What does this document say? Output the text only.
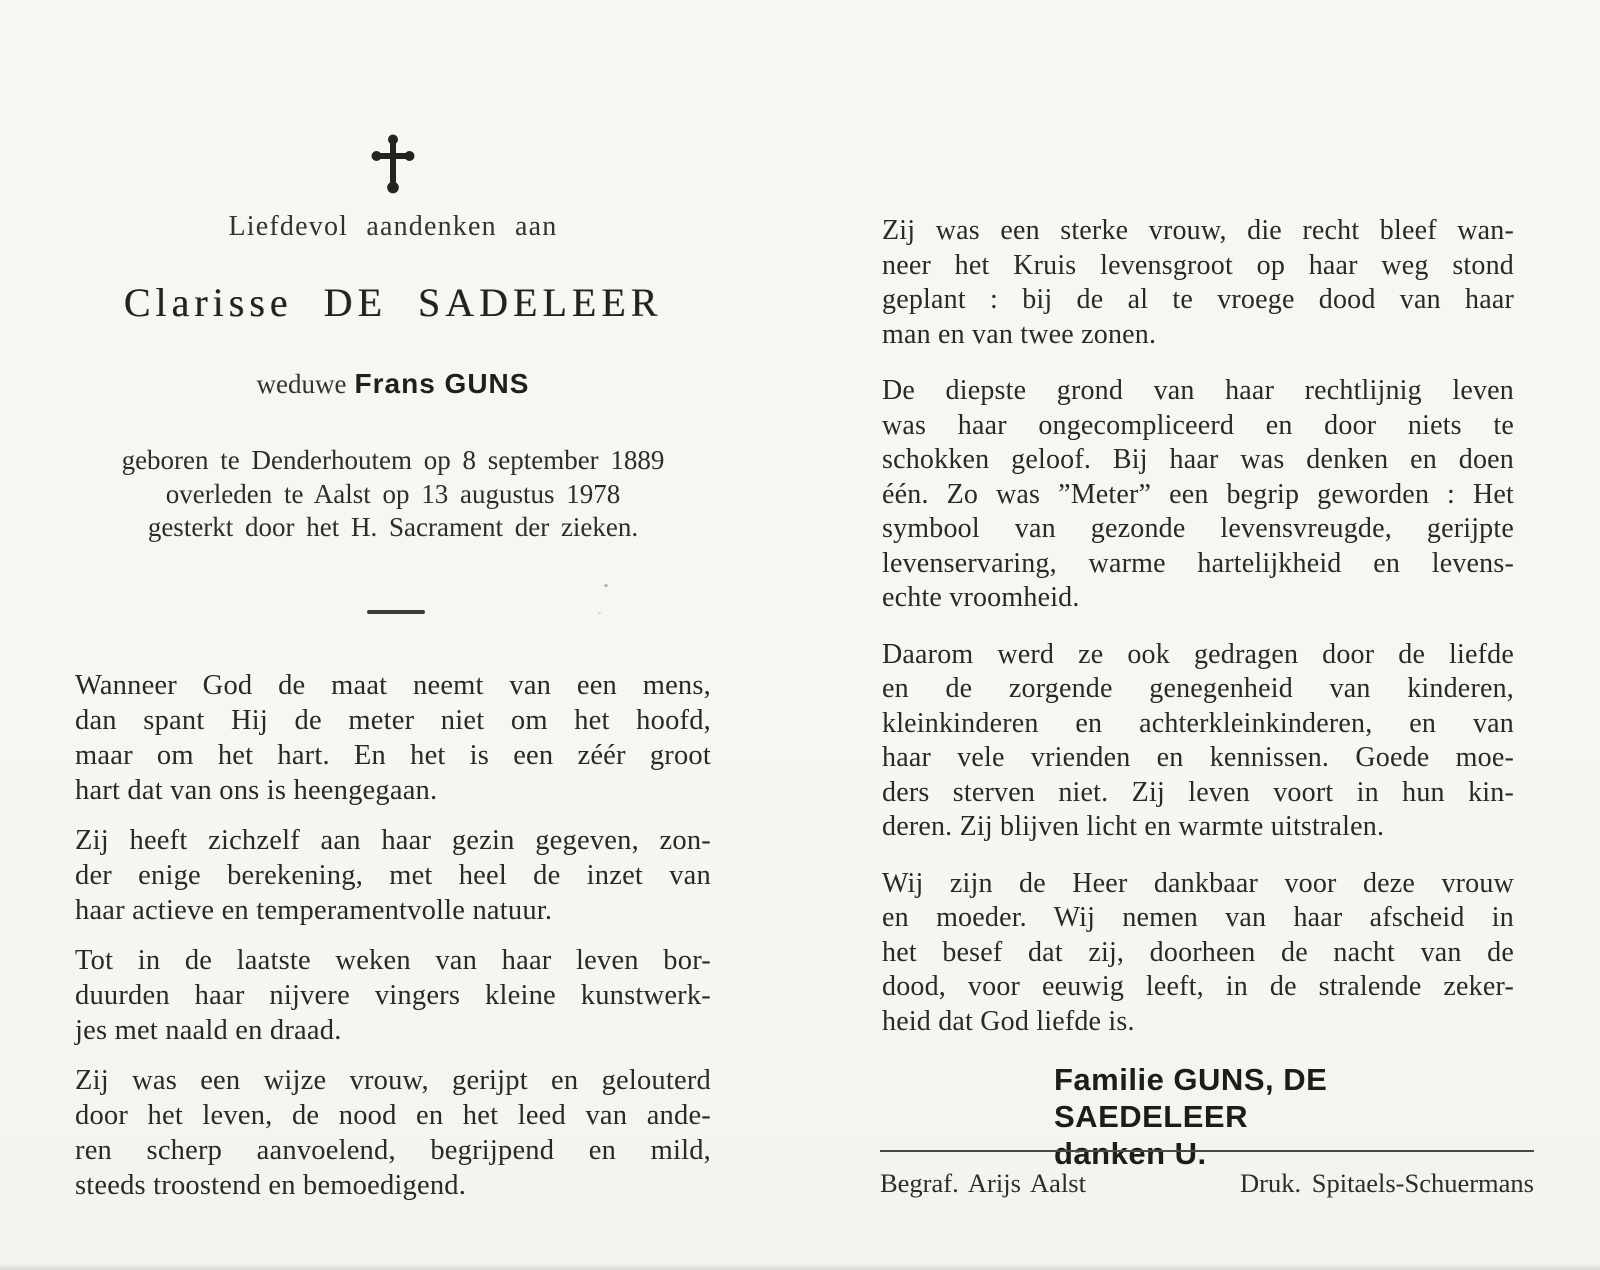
Liefdevol aandenken aan
Clarisse DE SADELEER
weduwe Frans GUNS
geboren te Denderhoutem op 8 september 1889
overleden te Aalst op 13 augustus 1978
gesterkt door het H. Sacrament der zieken.
Wanneer God de maat neemt van een mens,
dan spant Hij de meter niet om het hoofd,
maar om het hart. En het is een zéér groot
hart dat van ons is heengegaan.
Zij heeft zichzelf aan haar gezin gegeven, zon-
der enige berekening, met heel de inzet van
haar actieve en temperamentvolle natuur.
Tot in de laatste weken van haar leven bor-
duurden haar nijvere vingers kleine kunstwerk-
jes met naald en draad.
Zij was een wijze vrouw, gerijpt en gelouterd
door het leven, de nood en het leed van ande-
ren scherp aanvoelend, begrijpend en mild,
steeds troostend en bemoedigend.
Zij was een sterke vrouw, die recht bleef wan-
neer het Kruis levensgroot op haar weg stond
geplant : bij de al te vroege dood van haar
man en van twee zonen.
De diepste grond van haar rechtlijnig leven
was haar ongecompliceerd en door niets te
schokken geloof. Bij haar was denken en doen
één. Zo was ”Meter” een begrip geworden : Het
symbool van gezonde levensvreugde, gerijpte
levenservaring, warme hartelijkheid en levens-
echte vroomheid.
Daarom werd ze ook gedragen door de liefde
en de zorgende genegenheid van kinderen,
kleinkinderen en achterkleinkinderen, en van
haar vele vrienden en kennissen. Goede moe-
ders sterven niet. Zij leven voort in hun kin-
deren. Zij blijven licht en warmte uitstralen.
Wij zijn de Heer dankbaar voor deze vrouw
en moeder. Wij nemen van haar afscheid in
het besef dat zij, doorheen de nacht van de
dood, voor eeuwig leeft, in de stralende zeker-
heid dat God liefde is.
Familie GUNS, DE SAEDELEER
danken U.
Begraf. Arijs Aalst	Druk. Spitaels-Schuermans
